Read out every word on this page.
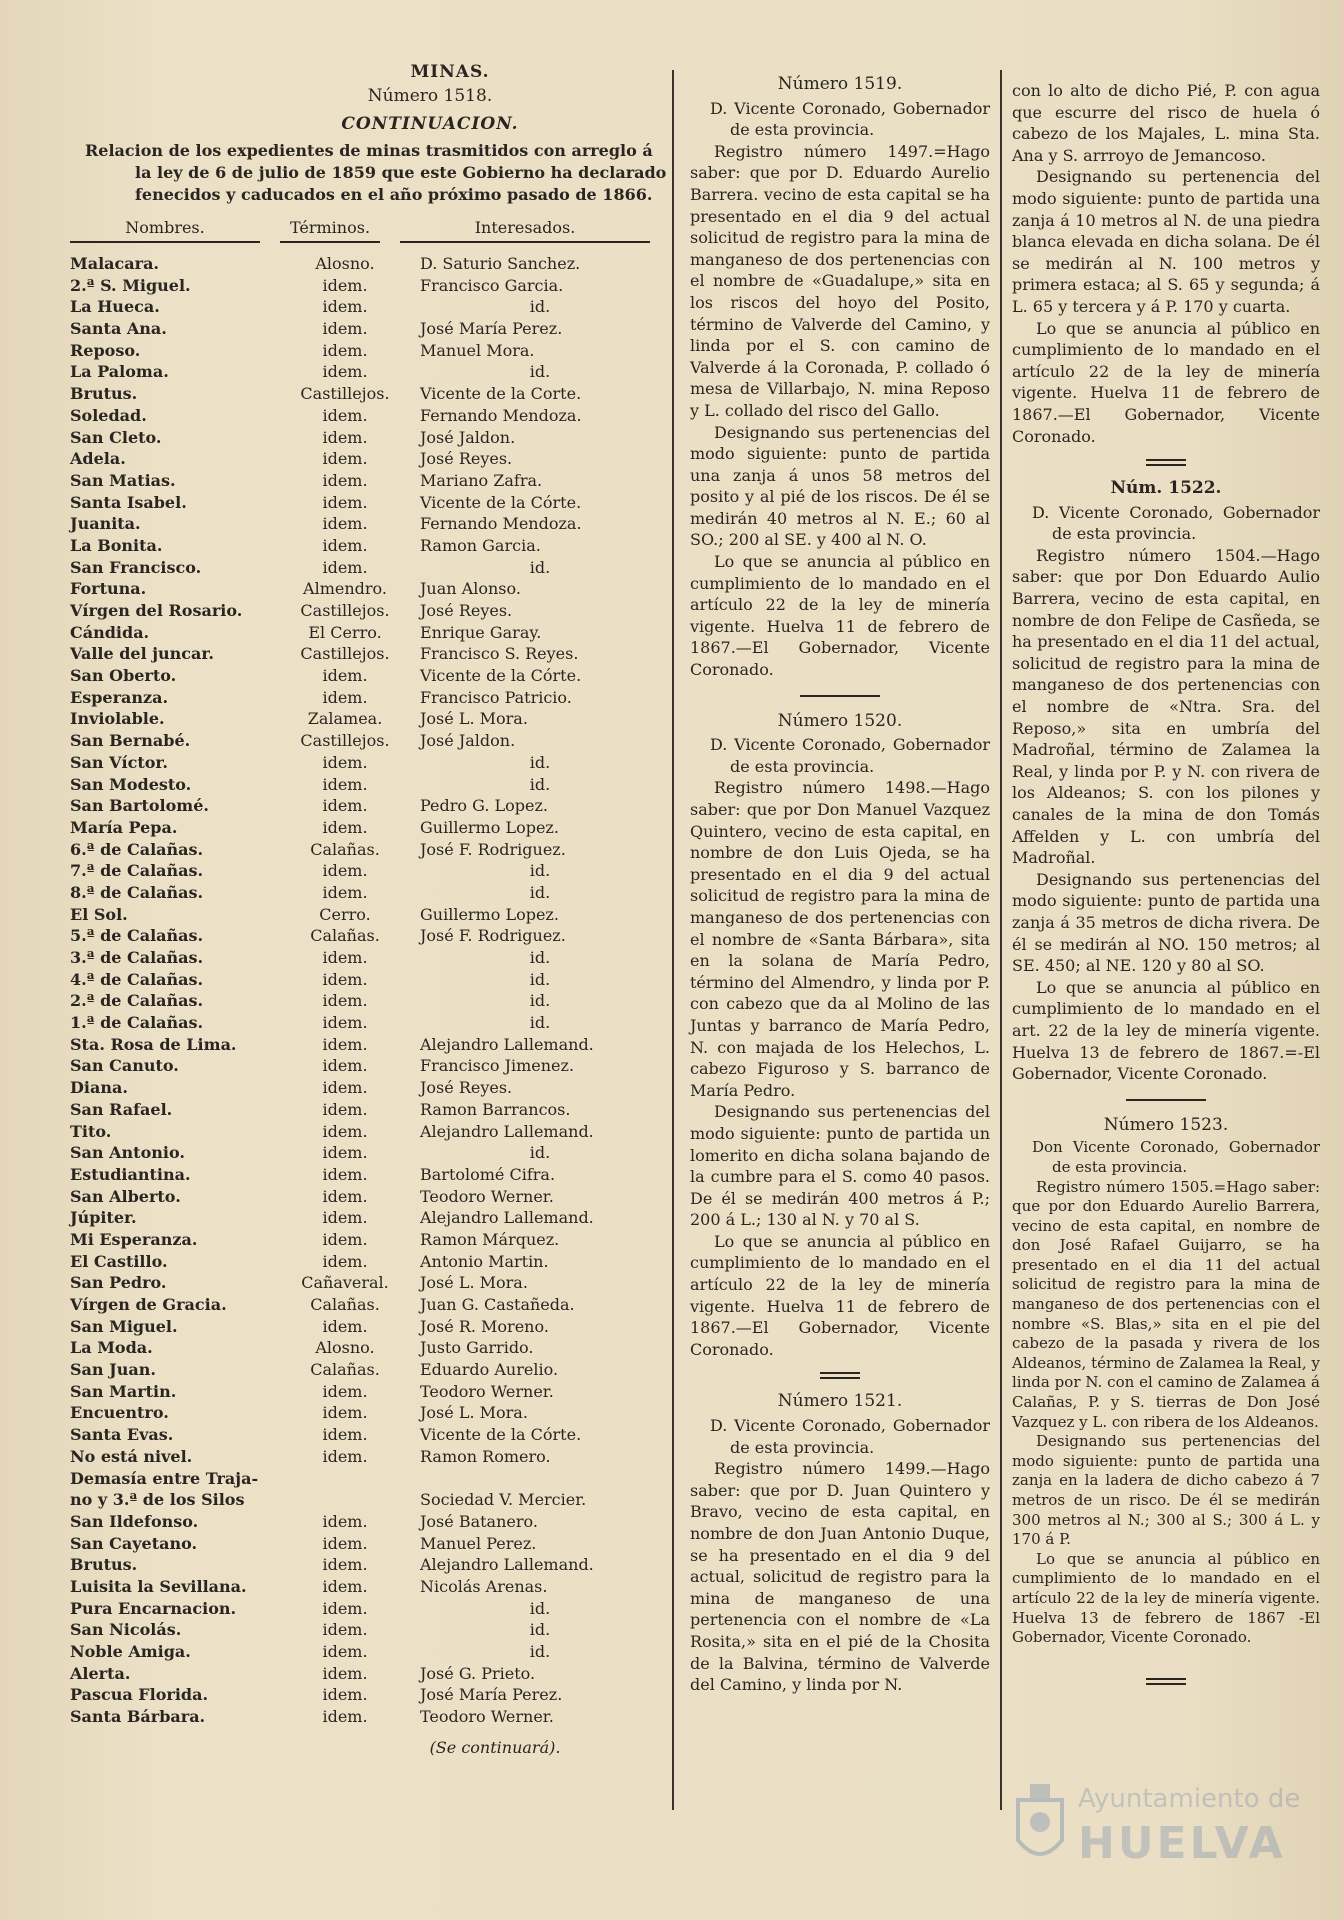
MINAS.
Número 1518.
CONTINUACION.
Relacion de los expedientes de minas trasmitidos con arreglo á la ley de 6 de julio de 1859 que este Gobierno ha declarado fenecidos y caducados en el año próximo pasado de 1866.
Nombres.	Términos.	Interesados.
Malacara.	Alosno.	D. Saturio Sanchez.
2.ª S. Miguel.	idem.	Francisco Garcia.
La Hueca.	idem.	id.
Santa Ana.	idem.	José María Perez.
Reposo.	idem.	Manuel Mora.
La Paloma.	idem.	id.
Brutus.	Castillejos.	Vicente de la Corte.
Soledad.	idem.	Fernando Mendoza.
San Cleto.	idem.	José Jaldon.
Adela.	idem.	José Reyes.
San Matias.	idem.	Mariano Zafra.
Santa Isabel.	idem.	Vicente de la Córte.
Juanita.	idem.	Fernando Mendoza.
La Bonita.	idem.	Ramon Garcia.
San Francisco.	idem.	id.
Fortuna.	Almendro.	Juan Alonso.
Vírgen del Rosario.	Castillejos.	José Reyes.
Cándida.	El Cerro.	Enrique Garay.
Valle del juncar.	Castillejos.	Francisco S. Reyes.
San Oberto.	idem.	Vicente de la Córte.
Esperanza.	idem.	Francisco Patricio.
Inviolable.	Zalamea.	José L. Mora.
San Bernabé.	Castillejos.	José Jaldon.
San Víctor.	idem.	id.
San Modesto.	idem.	id.
San Bartolomé.	idem.	Pedro G. Lopez.
María Pepa.	idem.	Guillermo Lopez.
6.ª de Calañas.	Calañas.	José F. Rodriguez.
7.ª de Calañas.	idem.	id.
8.ª de Calañas.	idem.	id.
El Sol.	Cerro.	Guillermo Lopez.
5.ª de Calañas.	Calañas.	José F. Rodriguez.
3.ª de Calañas.	idem.	id.
4.ª de Calañas.	idem.	id.
2.ª de Calañas.	idem.	id.
1.ª de Calañas.	idem.	id.
Sta. Rosa de Lima.	idem.	Alejandro Lallemand.
San Canuto.	idem.	Francisco Jimenez.
Diana.	idem.	José Reyes.
San Rafael.	idem.	Ramon Barrancos.
Tito.	idem.	Alejandro Lallemand.
San Antonio.	idem.	id.
Estudiantina.	idem.	Bartolomé Cifra.
San Alberto.	idem.	Teodoro Werner.
Júpiter.	idem.	Alejandro Lallemand.
Mi Esperanza.	idem.	Ramon Márquez.
El Castillo.	idem.	Antonio Martin.
San Pedro.	Cañaveral.	José L. Mora.
Vírgen de Gracia.	Calañas.	Juan G. Castañeda.
San Miguel.	idem.	José R. Moreno.
La Moda.	Alosno.	Justo Garrido.
San Juan.	Calañas.	Eduardo Aurelio.
San Martin.	idem.	Teodoro Werner.
Encuentro.	idem.	José L. Mora.
Santa Evas.	idem.	Vicente de la Córte.
No está nivel.	idem.	Ramon Romero.
Demasía entre Traja-
no y 3.ª de los Silos	Sociedad V. Mercier.
San Ildefonso.	idem.	José Batanero.
San Cayetano.	idem.	Manuel Perez.
Brutus.	idem.	Alejandro Lallemand.
Luisita la Sevillana.	idem.	Nicolás Arenas.
Pura Encarnacion.	idem.	id.
San Nicolás.	idem.	id.
Noble Amiga.	idem.	id.
Alerta.	idem.	José G. Prieto.
Pascua Florida.	idem.	José María Perez.
Santa Bárbara.	idem.	Teodoro Werner.
(Se continuará).
Número 1519.

D. Vicente Coronado, Gobernador de esta provincia.

Registro número 1497.=Hago saber: que por D. Eduardo Aurelio Barrera. vecino de esta capital se ha presentado en el dia 9 del actual solicitud de registro para la mina de manganeso de dos pertenencias con el nombre de «Guadalupe,» sita en los riscos del hoyo del Posito, término de Valverde del Camino, y linda por el S. con camino de Valverde á la Coronada, P. collado ó mesa de Villarbajo, N. mina Reposo y L. collado del risco del Gallo.

Designando sus pertenencias del modo siguiente: punto de partida una zanja á unos 58 metros del posito y al pié de los riscos. De él se medirán 40 metros al N. E.; 60 al SO.; 200 al SE. y 400 al N. O.

Lo que se anuncia al público en cumplimiento de lo mandado en el artículo 22 de la ley de minería vigente. Huelva 11 de febrero de 1867.—El Gobernador, Vicente Coronado.

Número 1520.

D. Vicente Coronado, Gobernador de esta provincia.

Registro número 1498.—Hago saber: que por Don Manuel Vazquez Quintero, vecino de esta capital, en nombre de don Luis Ojeda, se ha presentado en el dia 9 del actual solicitud de registro para la mina de manganeso de dos pertenencias con el nombre de «Santa Bárbara», sita en la solana de María Pedro, término del Almendro, y linda por P. con cabezo que da al Molino de las Juntas y barranco de María Pedro, N. con majada de los Helechos, L. cabezo Figuroso y S. barranco de María Pedro.

Designando sus pertenencias del modo siguiente: punto de partida un lomerito en dicha solana bajando de la cumbre para el S. como 40 pasos. De él se medirán 400 metros á P.; 200 á L.; 130 al N. y 70 al S.

Lo que se anuncia al público en cumplimiento de lo mandado en el artículo 22 de la ley de minería vigente. Huelva 11 de febrero de 1867.—El Gobernador, Vicente Coronado.

Número 1521.

D. Vicente Coronado, Gobernador de esta provincia.

Registro número 1499.—Hago saber: que por D. Juan Quintero y Bravo, vecino de esta capital, en nombre de don Juan Antonio Duque, se ha presentado en el dia 9 del actual, solicitud de registro para la mina de manganeso de una pertenencia con el nombre de «La Rosita,» sita en el pié de la Chosita de la Balvina, término de Valverde del Camino, y linda por N.

con lo alto de dicho Pié, P. con agua que escurre del risco de huela ó cabezo de los Majales, L. mina Sta. Ana y S. arrroyo de Jemancoso.

Designando su pertenencia del modo siguiente: punto de partida una zanja á 10 metros al N. de una piedra blanca elevada en dicha solana. De él se medirán al N. 100 metros y primera estaca; al S. 65 y segunda; á L. 65 y tercera y á P. 170 y cuarta.

Lo que se anuncia al público en cumplimiento de lo mandado en el artículo 22 de la ley de minería vigente. Huelva 11 de febrero de 1867.—El Gobernador, Vicente Coronado.

Núm. 1522.

D. Vicente Coronado, Gobernador de esta provincia.

Registro número 1504.—Hago saber: que por Don Eduardo Aulio Barrera, vecino de esta capital, en nombre de don Felipe de Casñeda, se ha presentado en el dia 11 del actual, solicitud de registro para la mina de manganeso de dos pertenencias con el nombre de «Ntra. Sra. del Reposo,» sita en umbría del Madroñal, término de Zalamea la Real, y linda por P. y N. con rivera de los Aldeanos; S. con los pilones y canales de la mina de don Tomás Affelden y L. con umbría del Madroñal.

Designando sus pertenencias del modo siguiente: punto de partida una zanja á 35 metros de dicha rivera. De él se medirán al NO. 150 metros; al SE. 450; al NE. 120 y 80 al SO.

Lo que se anuncia al público en cumplimiento de lo mandado en el art. 22 de la ley de minería vigente. Huelva 13 de febrero de 1867.=-El Gobernador, Vicente Coronado.

Número 1523.

Don Vicente Coronado, Gobernador de esta provincia.

Registro número 1505.=Hago saber: que por don Eduardo Aurelio Barrera, vecino de esta capital, en nombre de don José Rafael Guijarro, se ha presentado en el dia 11 del actual solicitud de registro para la mina de manganeso de dos pertenencias con el nombre «S. Blas,» sita en el pie del cabezo de la pasada y rivera de los Aldeanos, término de Zalamea la Real, y linda por N. con el camino de Zalamea á Calañas, P. y S. tierras de Don José Vazquez y L. con ribera de los Aldeanos.

Designando sus pertenencias del modo siguiente: punto de partida una zanja en la ladera de dicho cabezo á 7 metros de un risco. De él se medirán 300 metros al N.; 300 al S.; 300 á L. y 170 á P.

Lo que se anuncia al público en cumplimiento de lo mandado en el artículo 22 de la ley de minería vigente. Huelva 13 de febrero de 1867 -El Gobernador, Vicente Coronado.

Ayuntamiento de
HUELVA
